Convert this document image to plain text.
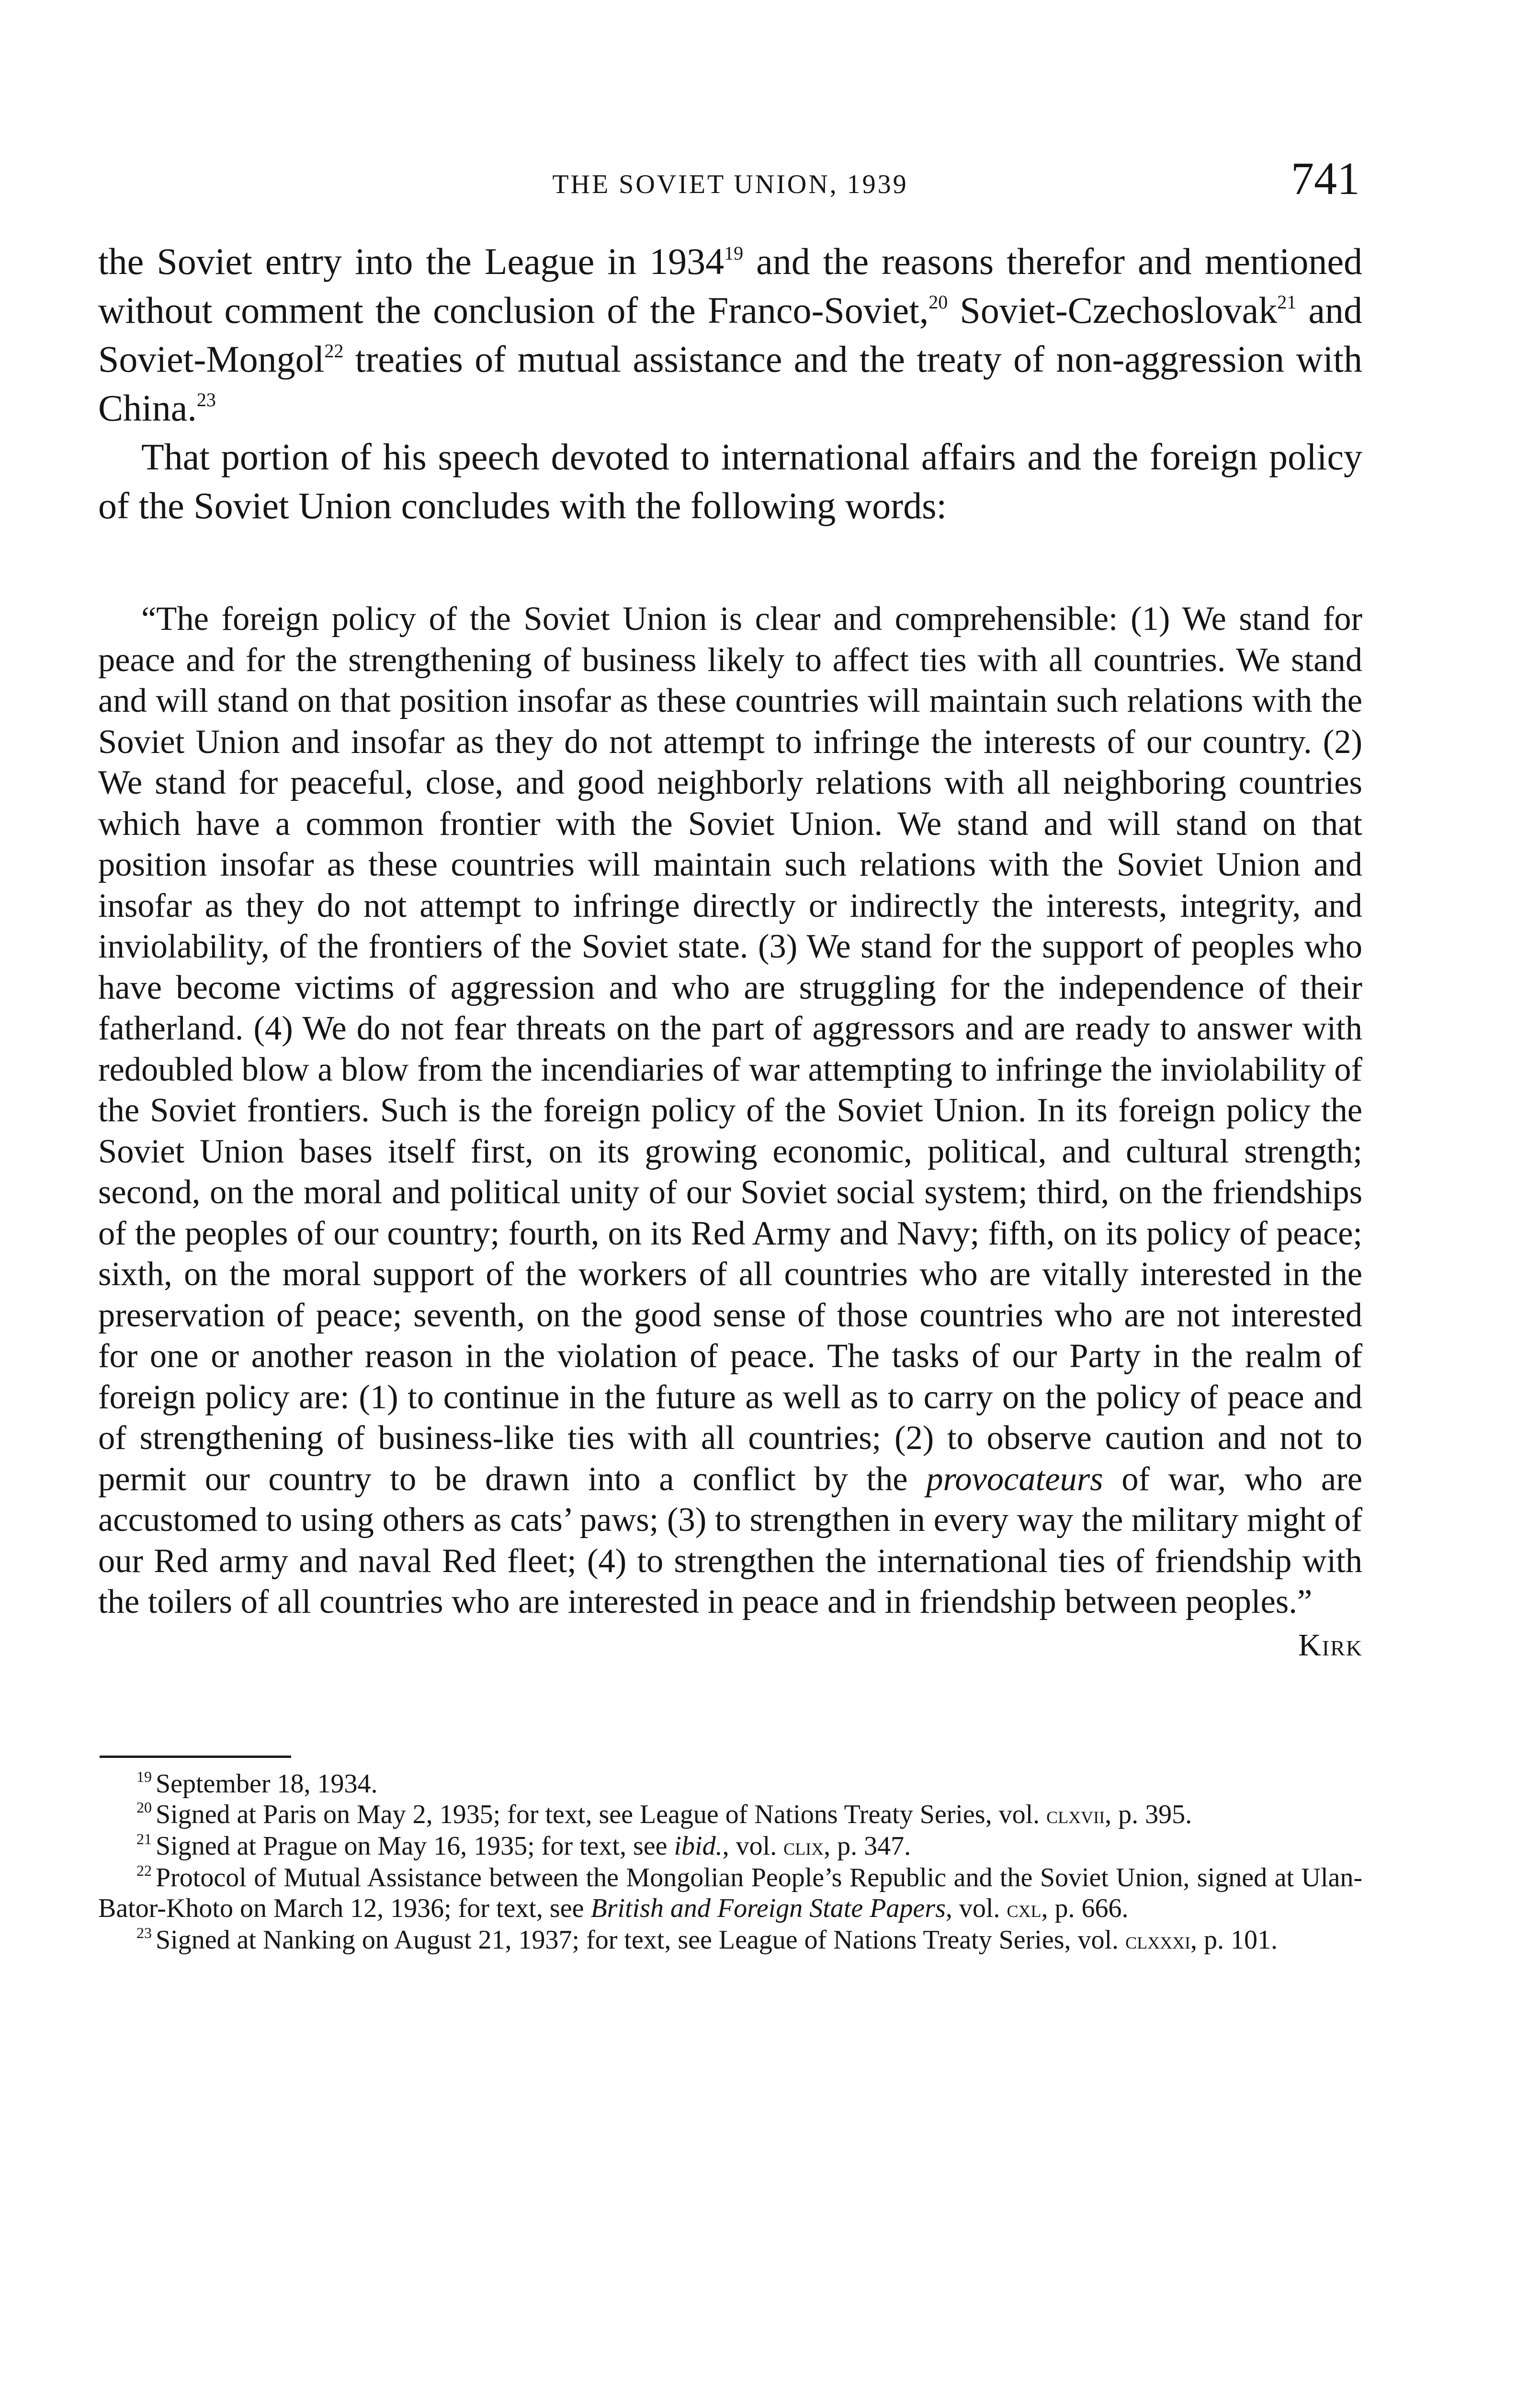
THE SOVIET UNION, 1939	741

the Soviet entry into the League in 1934$^{19}$ and the reasons therefor and mentioned without comment the conclusion of the Franco-Soviet,$^{20}$ Soviet-Czechoslovak$^{21}$ and Soviet-Mongol$^{22}$ treaties of mutual assistance and the treaty of non-aggression with China.$^{23}$

That portion of his speech devoted to international affairs and the foreign policy of the Soviet Union concludes with the following words:

“The foreign policy of the Soviet Union is clear and comprehensible: (1) We stand for peace and for the strengthening of business likely to affect ties with all countries. We stand and will stand on that position insofar as these countries will maintain such relations with the Soviet Union and insofar as they do not attempt to infringe the interests of our country. (2) We stand for peaceful, close, and good neighborly relations with all neighboring countries which have a common frontier with the Soviet Union. We stand and will stand on that position insofar as these countries will maintain such relations with the Soviet Union and insofar as they do not attempt to infringe directly or indirectly the interests, integrity, and inviolability, of the frontiers of the Soviet state. (3) We stand for the support of peoples who have become victims of aggression and who are struggling for the independence of their fatherland. (4) We do not fear threats on the part of aggressors and are ready to answer with redoubled blow a blow from the incendiaries of war attempting to infringe the inviolability of the Soviet frontiers. Such is the foreign policy of the Soviet Union. In its foreign policy the Soviet Union bases itself first, on its growing economic, political, and cultural strength; second, on the moral and political unity of our Soviet social system; third, on the friendships of the peoples of our country; fourth, on its Red Army and Navy; fifth, on its policy of peace; sixth, on the moral support of the workers of all countries who are vitally interested in the preservation of peace; seventh, on the good sense of those countries who are not interested for one or another reason in the violation of peace. The tasks of our Party in the realm of foreign policy are: (1) to continue in the future as well as to carry on the policy of peace and of strengthening of business-like ties with all countries; (2) to observe caution and not to permit our country to be drawn into a conflict by the provocateurs of war, who are accustomed to using others as cats’ paws; (3) to strengthen in every way the military might of our Red army and naval Red fleet; (4) to strengthen the international ties of friendship with the toilers of all countries who are interested in peace and in friendship between peoples.”

Kirk

$^{19}$ September 18, 1934.

$^{20}$ Signed at Paris on May 2, 1935; for text, see League of Nations Treaty Series, vol. clxvii, p. 395.

$^{21}$ Signed at Prague on May 16, 1935; for text, see ibid., vol. clix, p. 347.

$^{22}$ Protocol of Mutual Assistance between the Mongolian People’s Republic and the Soviet Union, signed at Ulan-Bator-Khoto on March 12, 1936; for text, see British and Foreign State Papers, vol. cxl, p. 666.

$^{23}$ Signed at Nanking on August 21, 1937; for text, see League of Nations Treaty Series, vol. clxxxi, p. 101.
